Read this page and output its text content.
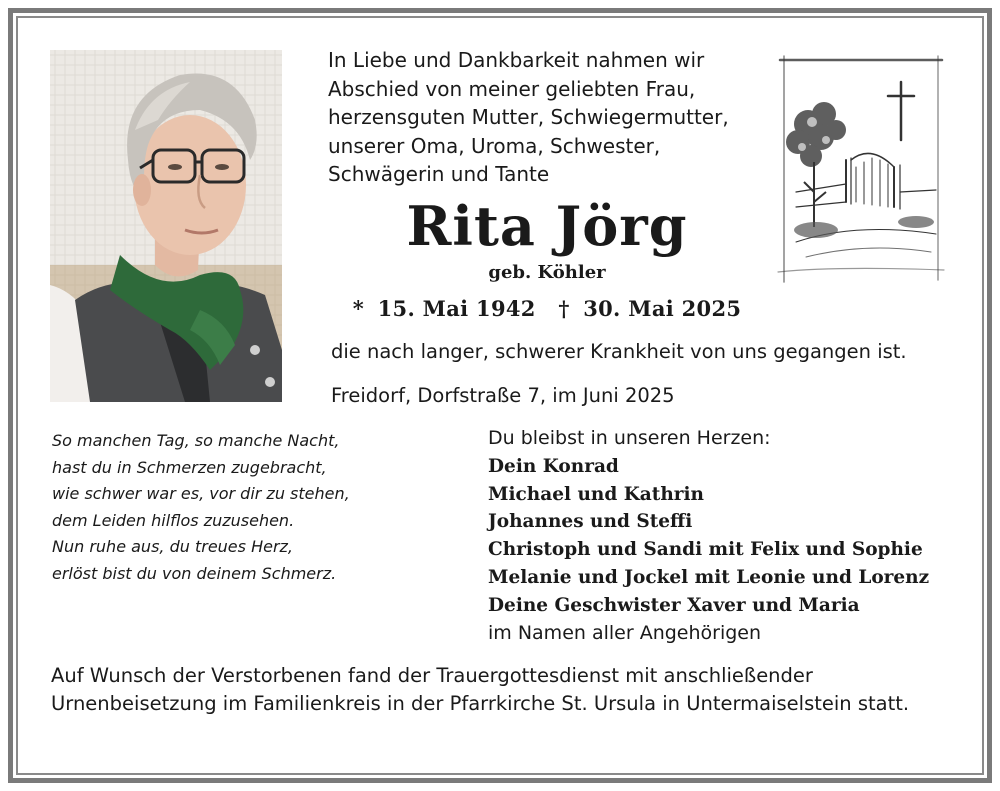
In Liebe und Dankbarkeit nahmen wir
Abschied von meiner geliebten Frau,
herzensguten Mutter, Schwiegermutter,
unserer Oma, Uroma, Schwester,
Schwägerin und Tante
Rita Jörg
geb. Köhler
* 15. Mai 1942 † 30. Mai 2025
die nach langer, schwerer Krankheit von uns gegangen ist.
Freidorf, Dorfstraße 7, im Juni 2025
So manchen Tag, so manche Nacht,
hast du in Schmerzen zugebracht,
wie schwer war es, vor dir zu stehen,
dem Leiden hilflos zuzusehen.
Nun ruhe aus, du treues Herz,
erlöst bist du von deinem Schmerz.
Du bleibst in unseren Herzen:
Dein Konrad
Michael und Kathrin
Johannes und Steffi
Christoph und Sandi mit Felix und Sophie
Melanie und Jockel mit Leonie und Lorenz
Deine Geschwister Xaver und Maria
im Namen aller Angehörigen
Auf Wunsch der Verstorbenen fand der Trauergottesdienst mit anschließender Urnenbeisetzung im Familienkreis in der Pfarrkirche St. Ursula in Untermaiselstein statt.
